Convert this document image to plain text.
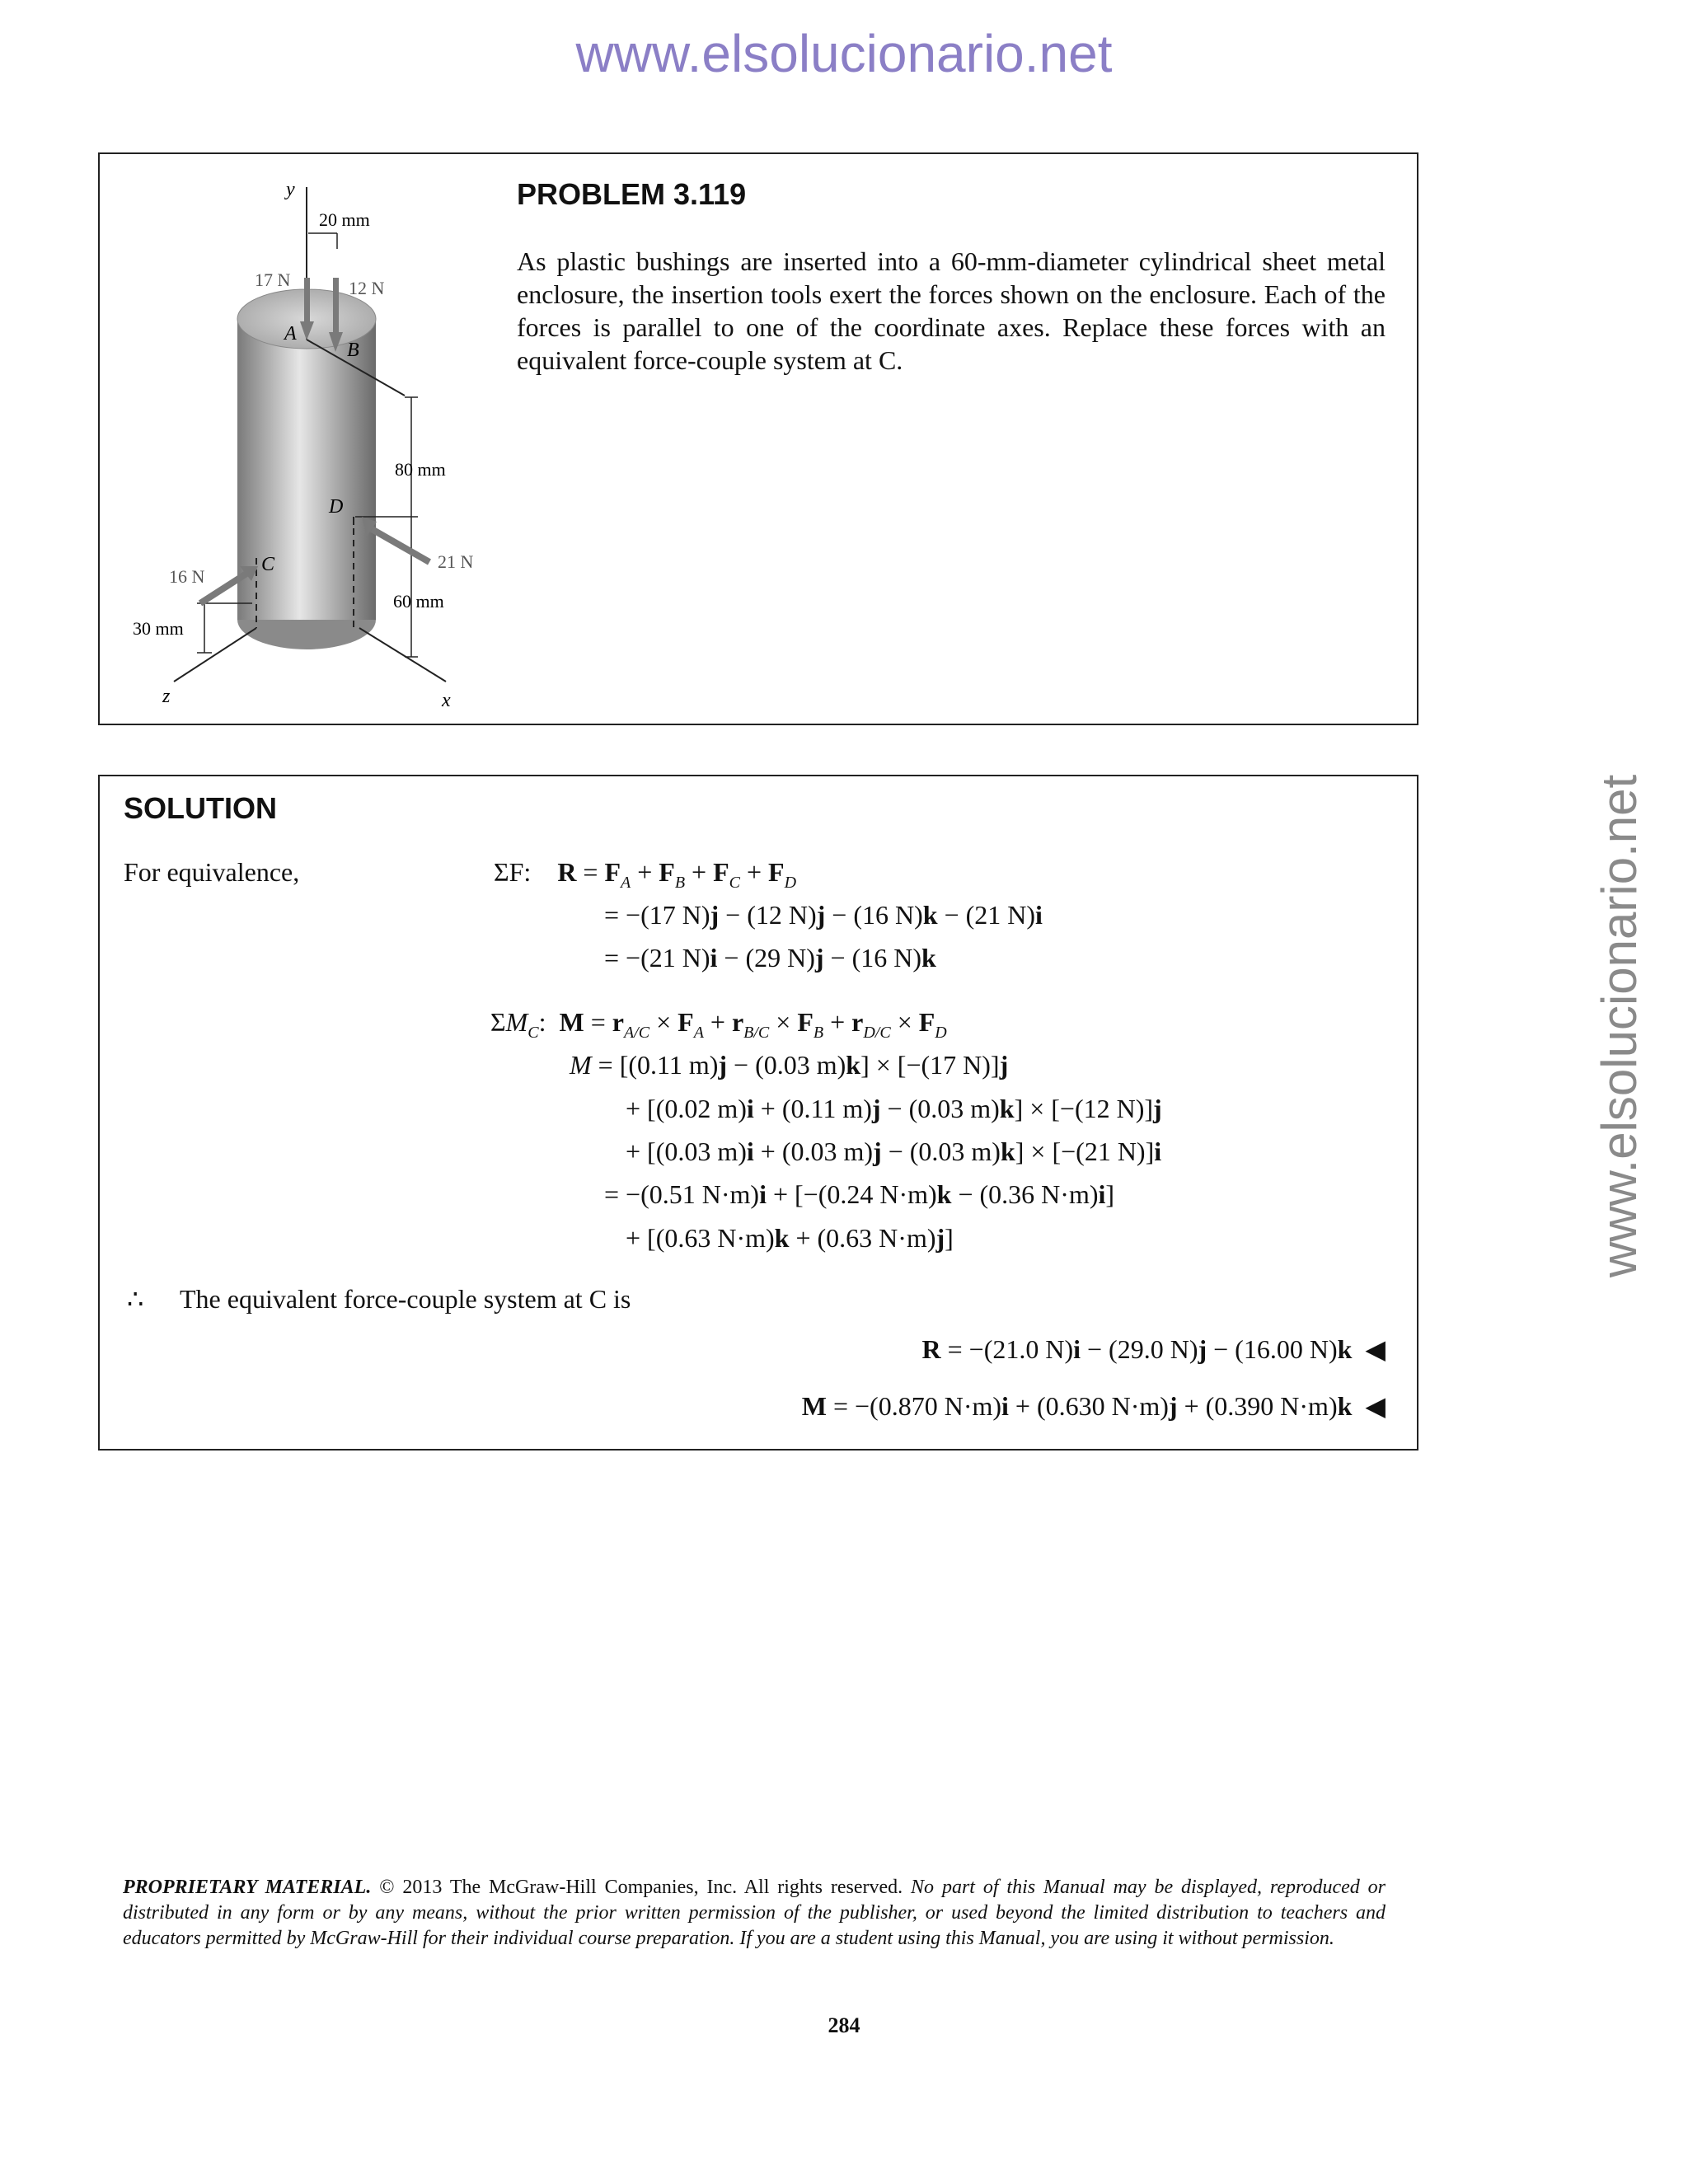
www.elsolucionario.net
www.elsolucionario.net
20 mm
80 mm
60 mm
30 mm
y
x
z
A
B
C
D
17 N	12 N
16 N
21 N
PROBLEM 3.119
As plastic bushings are inserted into a 60-mm-diameter cylindrical sheet metal enclosure, the insertion tools exert the forces shown on the enclosure. Each of the forces is parallel to one of the coordinate axes. Replace these forces with an equivalent force-couple system at C.
SOLUTION
For equivalence,	ΣF:    $R = F_A + F_B + F_C + F_D$
= −(17 N)j − (12 N)j − (16 N)k − (21 N)i
= −(21 N)i − (29 N)j − (16 N)k
$\Sigma M_C$:  $M = r_{A/C} \times F_A + r_{B/C} \times F_B + r_{D/C} \times F_D$
M = [(0.11 m)j − (0.03 m)k] × [−(17 N)]j
+ [(0.02 m)i + (0.11 m)j − (0.03 m)k] × [−(12 N)]j
+ [(0.03 m)i + (0.03 m)j − (0.03 m)k] × [−(21 N)]i
= −(0.51 N·m)i + [−(0.24 N·m)k − (0.36 N·m)i]
+ [(0.63 N·m)k + (0.63 N·m)j]
∴ The equivalent force-couple system at C is
R = −(21.0 N)i − (29.0 N)j − (16.00 N)k  ◀
M = −(0.870 N·m)i + (0.630 N·m)j + (0.390 N·m)k  ◀
PROPRIETARY MATERIAL. © 2013 The McGraw-Hill Companies, Inc. All rights reserved. No part of this Manual may be displayed, reproduced or distributed in any form or by any means, without the prior written permission of the publisher, or used beyond the limited distribution to teachers and educators permitted by McGraw-Hill for their individual course preparation. If you are a student using this Manual, you are using it without permission.
284
